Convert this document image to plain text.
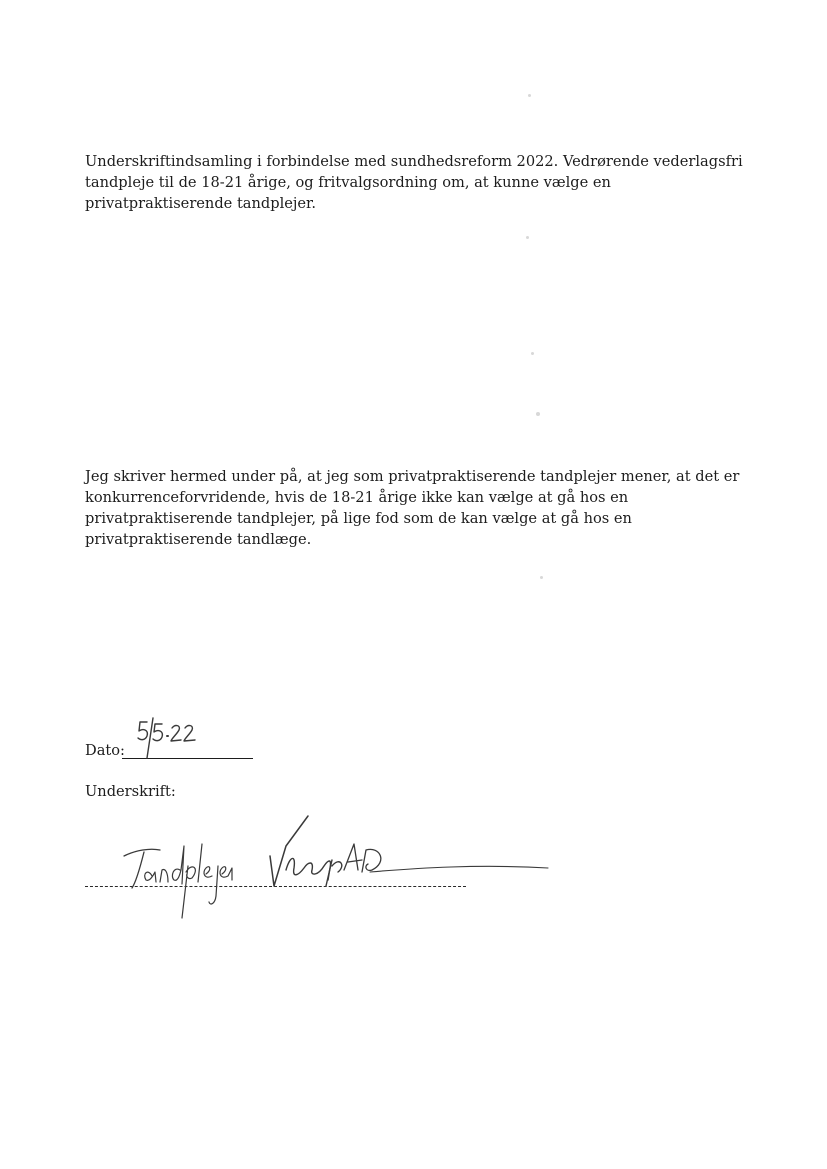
Underskriftindsamling i forbindelse med sundhedsreform 2022. Vedrørende vederlagsfri tandpleje til de 18-21 årige, og fritvalgsordning om, at kunne vælge en privatpraktiserende tandplejer.

Jeg skriver hermed under på, at jeg som privatpraktiserende tandplejer mener, at det er konkurrenceforvridende, hvis de 18-21 årige ikke kan vælge at gå hos en privatpraktiserende tandplejer, på lige fod som de kan vælge at gå hos en privatpraktiserende tandlæge.

Dato:
Underskrift:
